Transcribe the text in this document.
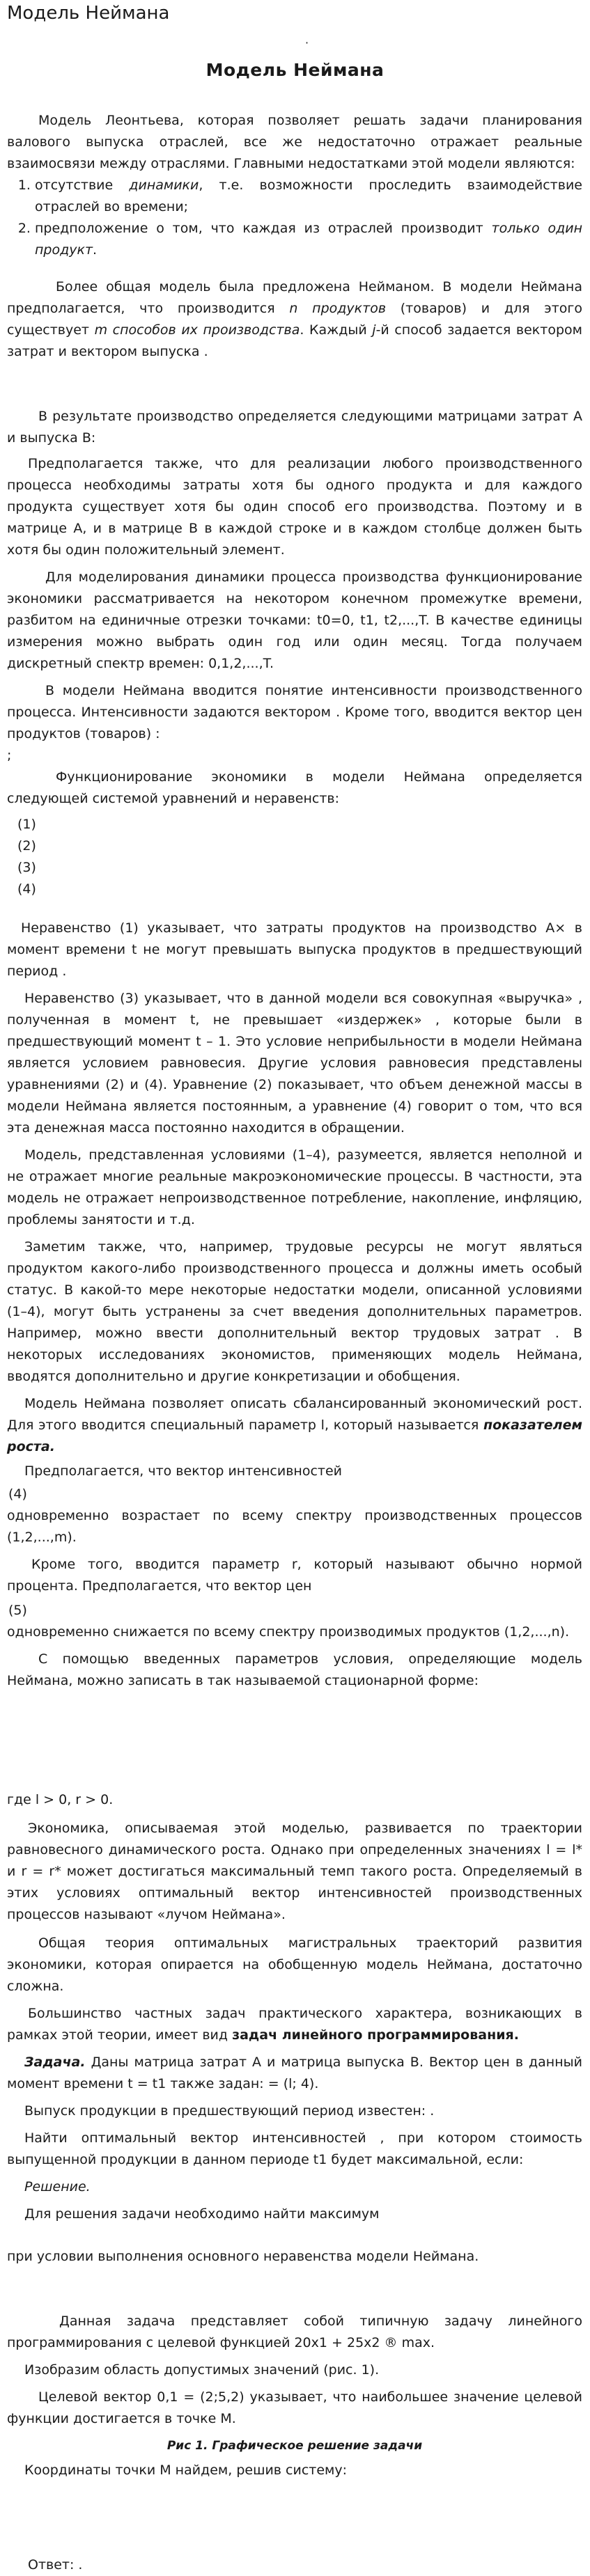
Модель Неймана
·
Модель Неймана

Модель Леонтьева, которая позволяет решать задачи планирования валового выпуска отраслей, все же недостаточно отражает реальные взаимосвязи между отраслями. Главными недостатками этой модели являются:

1. отсутствие динамики, т.е. возможности проследить взаимодействие отраслей во времени;
2. предположение о том, что каждая из отраслей производит только один продукт.

Более общая модель была предложена Нейманом. В модели Неймана предполагается, что производится n продуктов (товаров) и для этого существует m способов их производства. Каждый j-й способ задается вектором затрат и вектором выпуска .

В результате производство определяется следующими матрицами затрат A и выпуска B:

Предполагается также, что для реализации любого производственного процесса необходимы затраты хотя бы одного продукта и для каждого продукта существует хотя бы один способ его производства. Поэтому и в матрице A, и в матрице B в каждой строке и в каждом столбце должен быть хотя бы один положительный элемент.

Для моделирования динамики процесса производства функционирование экономики рассматривается на некотором конечном промежутке времени, разбитом на единичные отрезки точками: t0=0, t1, t2,...,T. В качестве единицы измерения можно выбрать один год или один месяц. Тогда получаем дискретный спектр времен: 0,1,2,...,T.

В модели Неймана вводится понятие интенсивности производственного процесса. Интенсивности задаются вектором . Кроме того, вводится вектор цен продуктов (товаров) :

;

Функционирование экономики в модели Неймана определяется следующей системой уравнений и неравенств:

(1)
(2)
(3)
(4)

Неравенство (1) указывает, что затраты продуктов на производство A× в момент времени t не могут превышать выпуска продуктов в предшествующий период .

Неравенство (3) указывает, что в данной модели вся совокупная «выручка» , полученная в момент t, не превышает «издержек» , которые были в предшествующий момент t – 1. Это условие неприбыльности в модели Неймана является условием равновесия. Другие условия равновесия представлены уравнениями (2) и (4). Уравнение (2) показывает, что объем денежной массы в модели Неймана является постоянным, а уравнение (4) говорит о том, что вся эта денежная масса постоянно находится в обращении.

Модель, представленная условиями (1–4), разумеется, является неполной и не отражает многие реальные макроэкономические процессы. В частности, эта модель не отражает непроизводственное потребление, накопление, инфляцию, проблемы занятости и т.д.

Заметим также, что, например, трудовые ресурсы не могут являться продуктом какого-либо производственного процесса и должны иметь особый статус. В какой-то мере некоторые недостатки модели, описанной условиями (1–4), могут быть устранены за счет введения дополнительных параметров. Например, можно ввести дополнительный вектор трудовых затрат . В некоторых исследованиях экономистов, применяющих модель Неймана, вводятся дополнительно и другие конкретизации и обобщения.

Модель Неймана позволяет описать сбалансированный экономический рост. Для этого вводится специальный параметр l, который называется показателем роста.

Предполагается, что вектор интенсивностей

(4)

одновременно возрастает по всему спектру производственных процессов (1,2,...,m).

Кроме того, вводится параметр r, который называют обычно нормой процента. Предполагается, что вектор цен

(5)

одновременно снижается по всему спектру производимых продуктов (1,2,...,n).

С помощью введенных параметров условия, определяющие модель Неймана, можно записать в так называемой стационарной форме:

где l > 0, r > 0.

Экономика, описываемая этой моделью, развивается по траектории равновесного динамического роста. Однако при определенных значениях l = l* и r = r* может достигаться максимальный темп такого роста. Определяемый в этих условиях оптимальный вектор интенсивностей производственных процессов называют «лучом Неймана».

Общая теория оптимальных магистральных траекторий развития экономики, которая опирается на обобщенную модель Неймана, достаточно сложна.

Большинство частных задач практического характера, возникающих в рамках этой теории, имеет вид задач линейного программирования.

Задача. Даны матрица затрат A и матрица выпуска B. Вектор цен в данный момент времени t = t1 также задан: = (l; 4).

Выпуск продукции в предшествующий период известен: .

Найти оптимальный вектор интенсивностей , при котором стоимость выпущенной продукции в данном периоде t1 будет максимальной, если:

Решение.

Для решения задачи необходимо найти максимум

при условии выполнения основного неравенства модели Неймана.

Данная задача представляет собой типичную задачу линейного программирования с целевой функцией 20x1 + 25x2 ® max.

Изобразим область допустимых значений (рис. 1).

Целевой вектор 0,1 = (2;5,2) указывает, что наибольшее значение целевой функции достигается в точке М.

Рис 1. Графическое решение задачи

Координаты точки М найдем, решив систему:

Ответ: .
